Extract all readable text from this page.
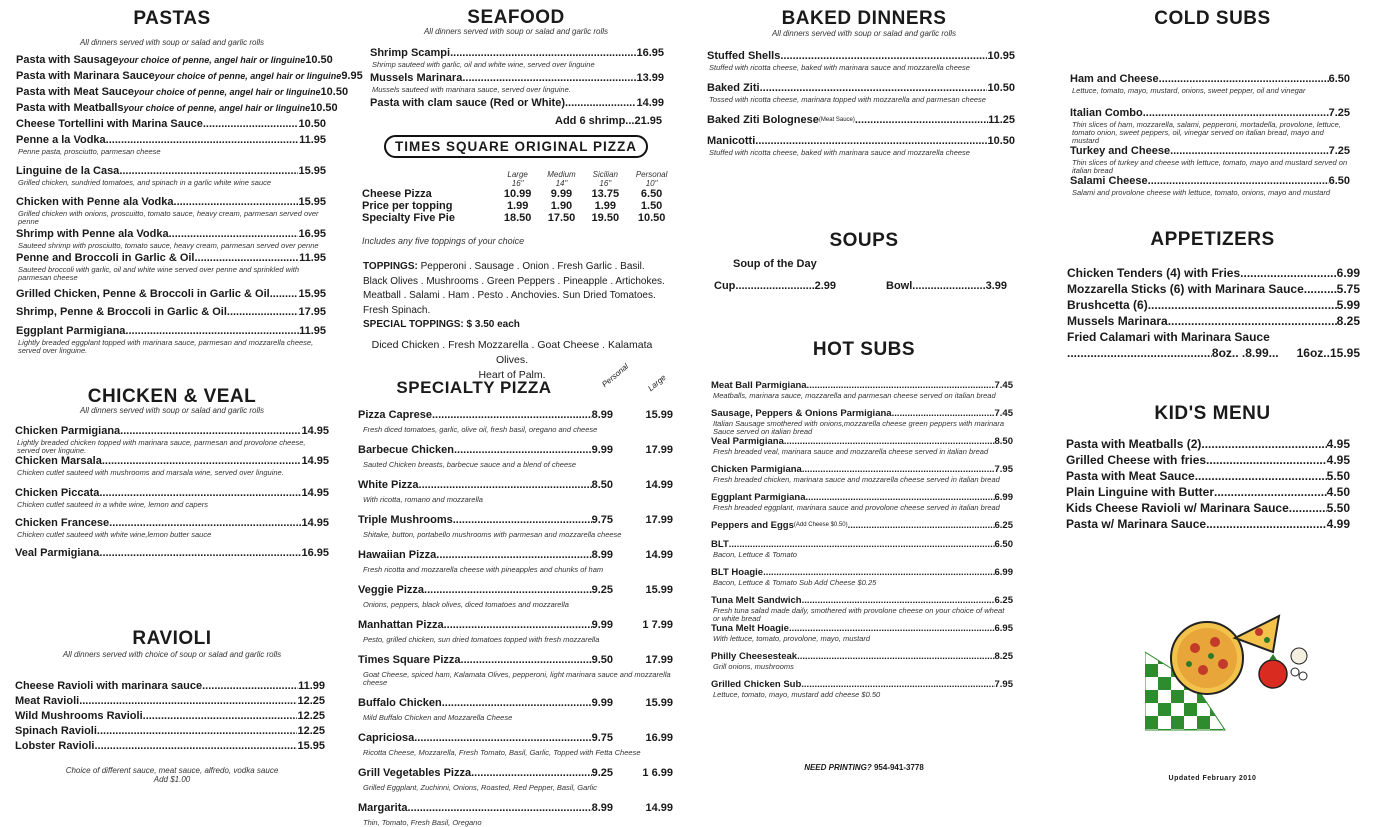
PASTAS

All dinners served with soup or salad and garlic rolls

Pasta with Sausage your choice of penne, angel hair or linguine 10.50
Pasta with Marinara Sauce your choice of penne, angel hair or linguine 9.95
Pasta with Meat Sauce your choice of penne, angel hair or linguine 10.50
Pasta with Meatballs your choice of penne, angel hair or linguine 10.50
Cheese Tortellini with Marina Sauce .....	10.50
Penne a la Vodka .....	11.95
Penne pasta, prosciutto, parmesan cheese
Linguine de la Casa .....	15.95
Grilled chicken, sundried tomatoes, and spinach in a garlic white wine sauce
Chicken with Penne ala Vodka .....	15.95
Grilled chicken with onions, proscuitto, tomato sauce, heavy cream, parmesan served over penne
Shrimp with Penne ala Vodka .....	16.95
Sauteed shrimp with prosciutto, tomato sauce, heavy cream, parmesan served over penne
Penne and Broccoli in Garlic & Oil .....	11.95
Sauteed broccoli with garlic, oil and white wine served over penne and sprinkled with parmesan cheese
Grilled Chicken, Penne & Broccoli in Garlic & Oil .....	15.95
Shrimp, Penne & Broccoli in Garlic & Oil .....	17.95
Eggplant Parmigiana .....	11.95
Lightly breaded eggplant topped with marinara sauce, parmesan and mozzarella cheese, served over linguine.
CHICKEN & VEAL

All dinners served with soup or salad and garlic rolls

Chicken Parmigiana .....	14.95
Lightly breaded chicken topped with marinara sauce, parmesan and provolone cheese, served over linguine.
Chicken Marsala .....	14.95
Chicken cutlet sauteed with mushrooms and marsala wine, served over linguine.
Chicken Piccata .....	14.95
Chicken cutlet sauteed in a white wine, lemon and capers
Chicken Francese .....	14.95
Chicken cutlet sauteed with white wine,lemon butter sauce
Veal Parmigiana .....	16.95
RAVIOLI

All dinners served with choice of soup or salad and garlic rolls

Cheese Ravioli with marinara sauce .....	11.99
Meat Ravioli .....	12.25
Wild Mushrooms Ravioli .....	12.25
Spinach Ravioli .....	12.25
Lobster Ravioli .....	15.95

Choice of different sauce, meat sauce, alfredo, vodka sauce

Add $1.00

SEAFOOD

All dinners served with soup or salad and garlic rolls

Shrimp Scampi .....	16.95
Shrimp sauteed with garlic, oil and white wine, served over linguine
Mussels Marinara .....	13.99
Mussels sauteed with marinara sauce, served over linguine.
Pasta with clam sauce (Red or White) .....	14.99
Add 6 shrimp...21.95
TIMES SQUARE ORIGINAL PIZZA
	Large	Medium	Sicilian	Personal
	16"	14"	16"	10"
Cheese Pizza	10.99	9.99	13.75	6.50
Price per topping	1.99	1.90	1.99	1.50
Specialty Five Pie	18.50	17.50	19.50	10.50
Includes any five toppings of your choice
TOPPINGS: Pepperoni . Sausage . Onion . Fresh Garlic . Basil.
Black Olives . Mushrooms . Green Peppers . Pineapple . Artichokes.
Meatball . Salami . Ham . Pesto . Anchovies. Sun Dried Tomatoes.
Fresh Spinach.
SPECIAL TOPPINGS: $ 3.50 each
Diced Chicken . Fresh Mozzarella . Goat Cheese . Kalamata Olives.
Heart of Palm.
SPECIALTY PIZZA	Personal	Large
Pizza Caprese .....	8.99	15.99
Fresh diced tomatoes, garlic, olive oil, fresh basil, oregano and cheese
Barbecue Chicken .....	9.99	17.99
Sauted Chicken breasts, barbecue sauce and a blend of cheese
White Pizza .....	8.50	14.99
With ricotta, romano and mozzarella
Triple Mushrooms .....	9.75	17.99
Shitake, button, portabello mushrooms with parmesan and mozzarella cheese
Hawaiian Pizza .....	8.99	14.99
Fresh ricotta and mozzarella cheese with pineapples and chunks of ham
Veggie Pizza .....	9.25	15.99
Onions, peppers, black olives, diced tomatoes and mozzarella
Manhattan Pizza .....	9.99	1 7.99
Pesto, grilled chicken, sun dried tomatoes topped with fresh mozzarella
Times Square Pizza .....	9.50	17.99
Goat Cheese, spiced ham, Kalamata Olives, pepperoni, light marinara sauce and mozzarella cheese
Buffalo Chicken .....	9.99	15.99
Mild Buffalo Chicken and Mozzarella Cheese
Capriciosa .....	9.75	16.99
Ricotta Cheese, Mozzarella, Fresh Tomato, Basil, Garlic, Topped with Fetta Cheese
Grill Vegetables Pizza .....	9.25	1 6.99
Grilled Eggplant, Zuchinni, Onions, Roasted, Red Pepper, Basil, Garlic
Margarita .....	8.99	14.99
Thin, Tomato, Fresh Basil, Oregano
BAKED DINNERS

All dinners served with soup or salad and garlic rolls

Stuffed Shells .....	10.95
Stuffed with ricotta cheese, baked with marinara sauce and mozzarella cheese
Baked Ziti .....	10.50
Tossed with ricotta cheese, marinara topped with mozzarella and parmesan cheese
Baked Ziti Bolognese (Meat Sauce) .....	11.25
Manicotti .....	10.50
Stuffed with ricotta cheese, baked with marinara sauce and mozzarella cheese
SOUPS
Soup of the Day
Cup .....	2.99	Bowl .....	3.99
HOT SUBS
Meat Ball Parmigiana... .....	7.45
Meatballs, marinara sauce, mozzarella and parmesan cheese served on italian bread
Sausage, Peppers & Onions Parmigiana .....	7.45
Italian Sausage smothered with onions,mozzarella cheese green peppers with marinara Sauce served on italian bread
Veal Parmigiana .....	8.50
Fresh breaded veal, marinara sauce and mozzarella cheese served in italian bread
Chicken Parmigiana .....	7.95
Fresh breaded chicken, marinara sauce and mozzarella cheese served in italian bread
Eggplant Parmigiana .....	6.99
Fresh breaded eggplant, marinara sauce and provolone cheese served in italian bread
Peppers and Eggs (Add Cheese $0.50) .....	6.25
BLT .....	6.50
Bacon, Lettuce & Tomato
BLT Hoagie .....	6.99
Bacon, Lettuce & Tomato Sub Add Cheese $0.25
Tuna Melt Sandwich .....	6.25
Fresh tuna salad made daily, smothered with provolone cheese on your choice of wheat or white bread
Tuna Melt Hoagie .....	6.95
With lettuce, tomato, provolone, mayo, mustard
Philly Cheesesteak .....	8.25
Grill onions, mushrooms
Grilled Chicken Sub .....	7.95
Lettuce, tomato, mayo, mustard add cheese $0.50
NEED PRINTING? 954-941-3778
COLD SUBS
Ham and Cheese .....	6.50
Lettuce, tomato, mayo, mustard, onions, sweet pepper, oil and vinegar
Italian Combo .....	7.25
Thin slices of ham, mozzarella, salami, pepperoni, mortadella, provolone, lettuce, tomato onion, sweet peppers, oil, vinegar served on italian bread, mayo and mustard
Turkey and Cheese .....	7.25
Thin slices of turkey and cheese with lettuce, tomato, mayo and mustard served on italian bread
Salami Cheese .....	6.50
Salami and provolone cheese with lettuce, tomato, onions, mayo and mustard
APPETIZERS
Chicken Tenders (4) with Fries .....	6.99
Mozzarella Sticks (6) with Marinara Sauce .....	5.75
Brushcetta (6) .....	5.99
Mussels Marinara .....	8.25
Fried Calamari with Marinara Sauce
.....
8oz.. .8.99... 16oz..15.95
KID'S MENU
Pasta with Meatballs (2) .....	4.95
Grilled Cheese with fries .....	4.95
Pasta with Meat Sauce .....	5.50
Plain Linguine with Butter .....	4.50
Kids Cheese Ravioli w/ Marinara Sauce .....	5.50
Pasta w/ Marinara Sauce .....	4.99
Updated February 2010
